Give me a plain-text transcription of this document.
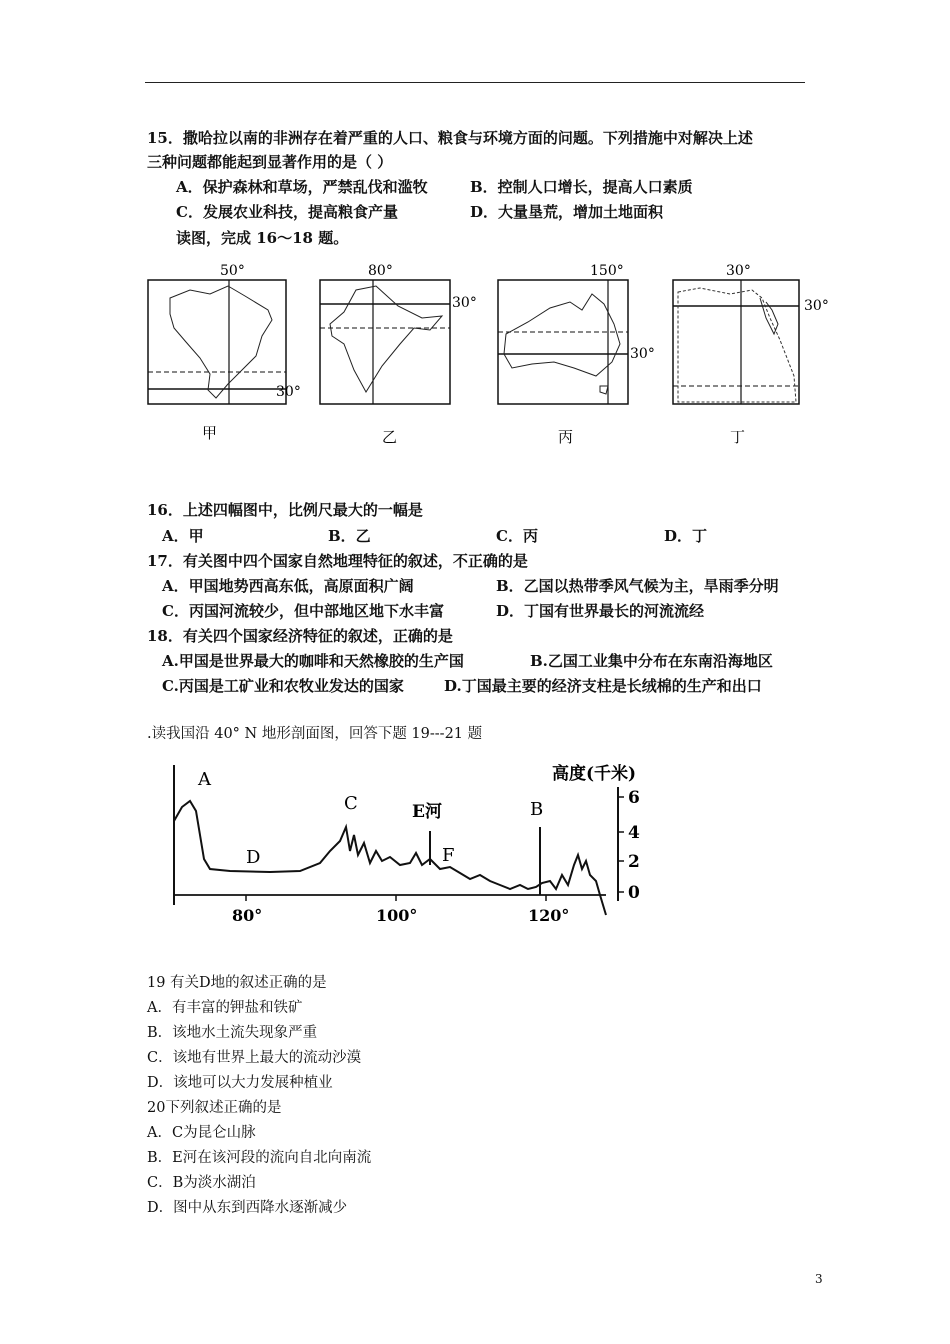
15．撒哈拉以南的非洲存在着严重的人口、粮食与环境方面的问题。下列措施中对解决上述
三种问题都能起到显著作用的是（ ）
A．保护森林和草场，严禁乱伐和滥牧	B．控制人口增长，提高人口素质
C．发展农业科技，提高粮食产量	D．大量垦荒，增加土地面积
读图，完成 16～18 题。
50°
30°
甲
80°
30°
乙
150°
30°
丙
30°
30°
丁
16．上述四幅图中，比例尺最大的一幅是
A．甲	B．乙	C．丙	D．丁
17．有关图中四个国家自然地理特征的叙述，不正确的是
A．甲国地势西高东低，高原面积广阔	B．乙国以热带季风气候为主，旱雨季分明
C．丙国河流较少，但中部地区地下水丰富	D．丁国有世界最长的河流流经
18．有关四个国家经济特征的叙述，正确的是
A.甲国是世界最大的咖啡和天然橡胶的生产国	B.乙国工业集中分布在东南沿海地区
C.丙国是工矿业和农牧业发达的国家	D.丁国最主要的经济支柱是长绒棉的生产和出口
.读我国沿 40° N 地形剖面图，回答下题 19---21 题
6
4
2
0
高度(千米)
A
C
D
E河
F
B
80°	100°	120°
19 有关D地的叙述正确的是
A．有丰富的钾盐和铁矿
B．该地水土流失现象严重
C．该地有世界上最大的流动沙漠
D．该地可以大力发展种植业
20下列叙述正确的是
A．C为昆仑山脉
B．E河在该河段的流向自北向南流
C．B为淡水湖泊
D．图中从东到西降水逐渐减少
3
